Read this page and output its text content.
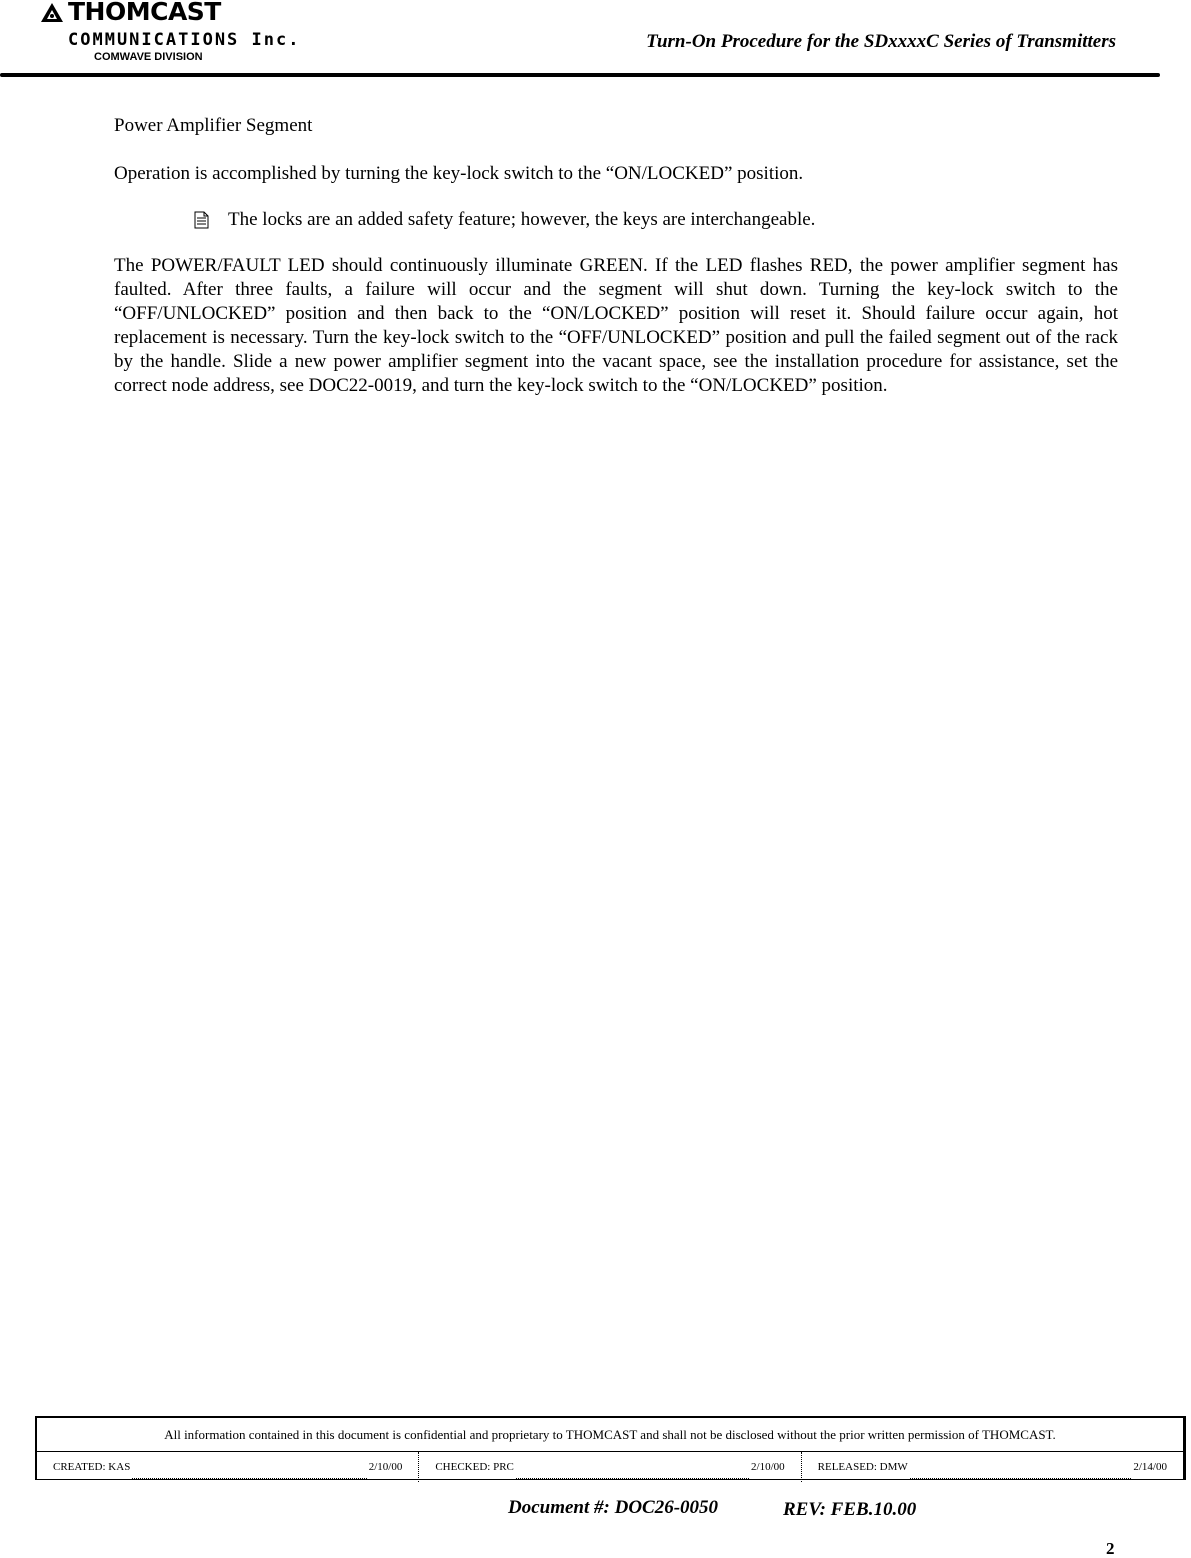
THOMCAST
COMMUNICATIONS Inc.
COMWAVE DIVISION
Turn-On Procedure for the SDxxxxC Series of Transmitters

Power Amplifier Segment

Operation is accomplished by turning the key-lock switch to the “ON/LOCKED” position.

The locks are an added safety feature; however, the keys are interchangeable.

The POWER/FAULT LED should continuously illuminate GREEN. If the LED flashes RED, the power amplifier segment has faulted. After three faults, a failure will occur and the segment will shut down. Turning the key-lock switch to the “OFF/UNLOCKED” position and then back to the “ON/LOCKED” position will reset it. Should failure occur again, hot replacement is necessary. Turn the key-lock switch to the “OFF/UNLOCKED” position and pull the failed segment out of the rack by the handle. Slide a new power amplifier segment into the vacant space, see the installation procedure for assistance, set the correct node address, see DOC22-0019, and turn the key-lock switch to the “ON/LOCKED” position.

All information contained in this document is confidential and proprietary to THOMCAST and shall not be disclosed without the prior written permission of THOMCAST.
CREATED: KAS	2/10/00	CHECKED: PRC	2/10/00	RELEASED: DMW	2/14/00
Document #: DOC26-0050	REV: FEB.10.00
2
